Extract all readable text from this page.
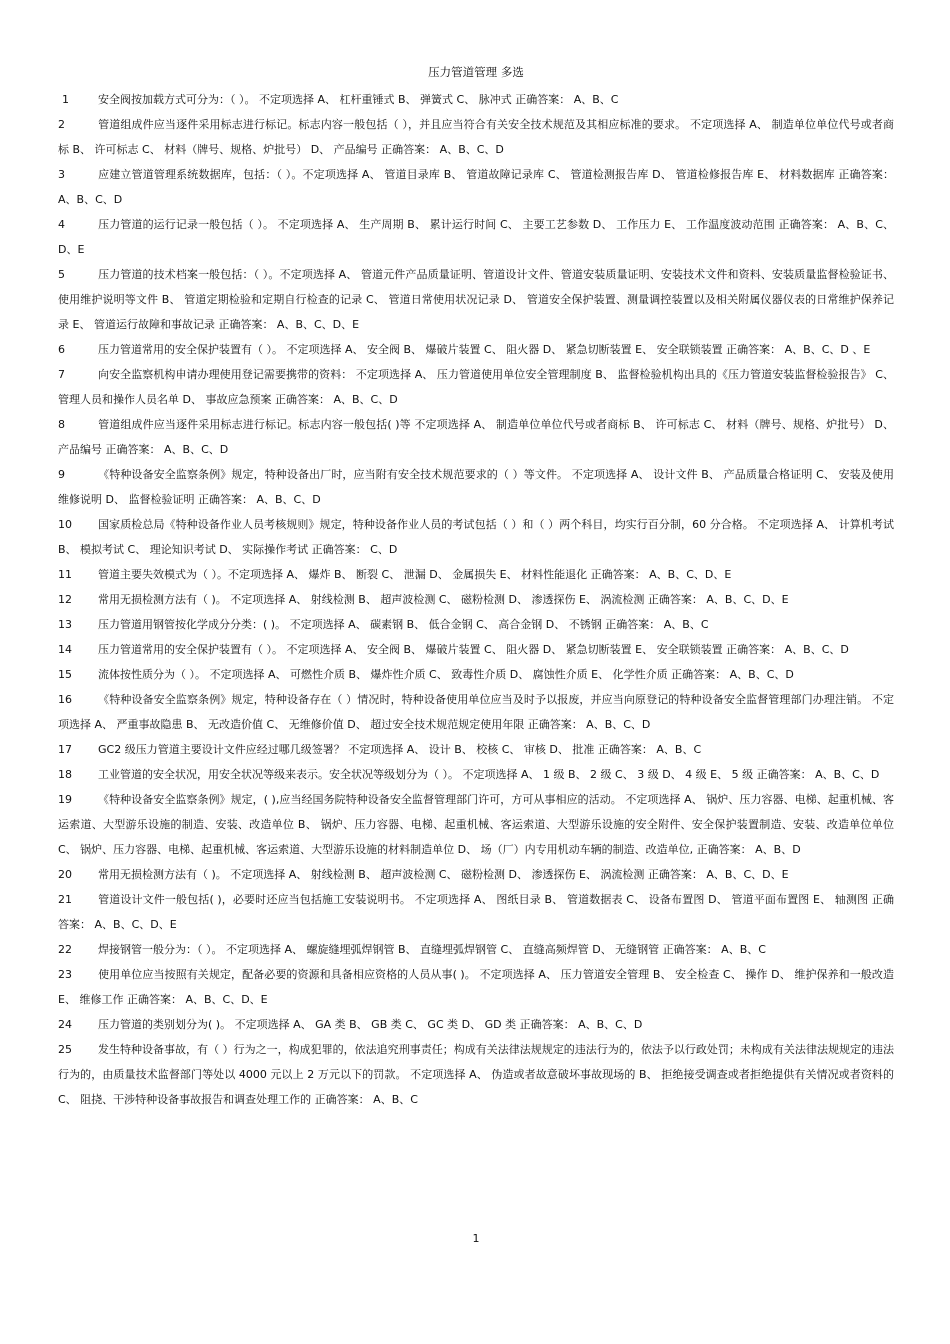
压力管道管理 多选

1	安全阀按加载方式可分为：（ ）。 不定项选择 A、 杠杆重锤式 B、 弹簧式 C、 脉冲式 正确答案： A、B、C

2	管道组成件应当逐件采用标志进行标记。标志内容一般包括（ ），并且应当符合有关安全技术规范及其相应标准的要求。 不定项选择 A、 制造单位单位代号或者商标 B、 许可标志 C、 材料（牌号、规格、炉批号） D、 产品编号 正确答案： A、B、C、D

3	应建立管道管理系统数据库，包括：（ ）。不定项选择 A、 管道目录库 B、 管道故障记录库 C、 管道检测报告库 D、 管道检修报告库 E、 材料数据库 正确答案： A、B、C、D

4	压力管道的运行记录一般包括（ ）。 不定项选择 A、 生产周期 B、 累计运行时间 C、 主要工艺参数 D、 工作压力 E、 工作温度波动范围 正确答案： A、B、C、D、E

5	压力管道的技术档案一般包括：（ ）。不定项选择 A、 管道元件产品质量证明、管道设计文件、管道安装质量证明、安装技术文件和资料、安装质量监督检验证书、使用维护说明等文件 B、 管道定期检验和定期自行检查的记录 C、 管道日常使用状况记录 D、 管道安全保护装置、测量调控装置以及相关附属仪器仪表的日常维护保养记录 E、 管道运行故障和事故记录 正确答案： A、B、C、D、E

6	压力管道常用的安全保护装置有（ ）。 不定项选择 A、 安全阀 B、 爆破片装置 C、 阻火器 D、 紧急切断装置 E、 安全联锁装置 正确答案： A、B、C、D 、E

7	向安全监察机构申请办理使用登记需要携带的资料： 不定项选择 A、 压力管道使用单位安全管理制度 B、 监督检验机构出具的《压力管道安装监督检验报告》 C、 管理人员和操作人员名单 D、 事故应急预案 正确答案： A、B、C、D

8	管道组成件应当逐件采用标志进行标记。标志内容一般包括( )等 不定项选择 A、 制造单位单位代号或者商标 B、 许可标志 C、 材料（牌号、规格、炉批号） D、 产品编号 正确答案： A、B、C、D

9	《特种设备安全监察条例》规定，特种设备出厂时，应当附有安全技术规范要求的（ ）等文件。 不定项选择 A、 设计文件 B、 产品质量合格证明 C、 安装及使用维修说明 D、 监督检验证明 正确答案： A、B、C、D

10 国家质检总局《特种设备作业人员考核规则》规定，特种设备作业人员的考试包括（ ）和（ ）两个科目，均实行百分制，60 分合格。 不定项选择 A、 计算机考试 B、 模拟考试 C、 理论知识考试 D、 实际操作考试 正确答案： C、D

11 管道主要失效模式为（ ）。不定项选择 A、 爆炸 B、 断裂 C、 泄漏 D、 金属损失 E、 材料性能退化 正确答案： A、B、C、D、E

12 常用无损检测方法有（ )。 不定项选择 A、 射线检测 B、 超声波检测 C、 磁粉检测 D、 渗透探伤 E、 涡流检测 正确答案： A、B、C、D、E

13 压力管道用钢管按化学成分分类：( )。 不定项选择 A、 碳素钢 B、 低合金钢 C、 高合金钢 D、 不锈钢 正确答案： A、B、C

14 压力管道常用的安全保护装置有（ ）。 不定项选择 A、 安全阀 B、 爆破片装置 C、 阻火器 D、 紧急切断装置 E、 安全联锁装置 正确答案： A、B、C、D

15 流体按性质分为（ ）。 不定项选择 A、 可燃性介质 B、 爆炸性介质 C、 致毒性介质 D、 腐蚀性介质 E、 化学性介质 正确答案： A、B、C、D

16 《特种设备安全监察条例》规定，特种设备存在（ ）情况时，特种设备使用单位应当及时予以报废，并应当向原登记的特种设备安全监督管理部门办理注销。 不定项选择 A、 严重事故隐患 B、 无改造价值 C、 无维修价值 D、 超过安全技术规范规定使用年限 正确答案： A、B、C、D

17 GC2 级压力管道主要设计文件应经过哪几级签署？ 不定项选择 A、 设计 B、 校核 C、 审核 D、 批准 正确答案： A、B、C

18 工业管道的安全状况，用安全状况等级来表示。安全状况等级划分为（ ）。 不定项选择 A、 1 级 B、 2 级 C、 3 级 D、 4 级 E、 5 级 正确答案： A、B、C、D

19 《特种设备安全监察条例》规定，( ),应当经国务院特种设备安全监督管理部门许可，方可从事相应的活动。 不定项选择 A、 锅炉、压力容器、电梯、起重机械、客运索道、大型游乐设施的制造、安装、改造单位 B、 锅炉、压力容器、电梯、起重机械、客运索道、大型游乐设施的安全附件、安全保护装置制造、安装、改造单位单位 C、 锅炉、压力容器、电梯、起重机械、客运索道、大型游乐设施的材料制造单位 D、 场（厂）内专用机动车辆的制造、改造单位, 正确答案： A、B、D

20 常用无损检测方法有（ )。 不定项选择 A、 射线检测 B、 超声波检测 C、 磁粉检测 D、 渗透探伤 E、 涡流检测 正确答案： A、B、C、D、E

21 管道设计文件一般包括( )，必要时还应当包括施工安装说明书。 不定项选择 A、 图纸目录 B、 管道数据表 C、 设备布置图 D、 管道平面布置图 E、 轴测图 正确答案： A、B、C、D、E

22 焊接钢管一般分为：（ ）。 不定项选择 A、 螺旋缝埋弧焊钢管 B、 直缝埋弧焊钢管 C、 直缝高频焊管 D、 无缝钢管 正确答案： A、B、C

23 使用单位应当按照有关规定，配备必要的资源和具备相应资格的人员从事( )。 不定项选择 A、 压力管道安全管理 B、 安全检查 C、 操作 D、 维护保养和一般改造 E、 维修工作 正确答案： A、B、C、D、E

24 压力管道的类别划分为( )。 不定项选择 A、 GA 类 B、 GB 类 C、 GC 类 D、 GD 类 正确答案： A、B、C、D

25 发生特种设备事故，有（ ）行为之一，构成犯罪的，依法追究刑事责任；构成有关法律法规规定的违法行为的，依法予以行政处罚；未构成有关法律法规规定的违法行为的，由质量技术监督部门等处以 4000 元以上 2 万元以下的罚款。 不定项选择 A、 伪造或者故意破坏事故现场的 B、 拒绝接受调查或者拒绝提供有关情况或者资料的 C、 阻挠、干涉特种设备事故报告和调查处理工作的 正确答案： A、B、C

1
